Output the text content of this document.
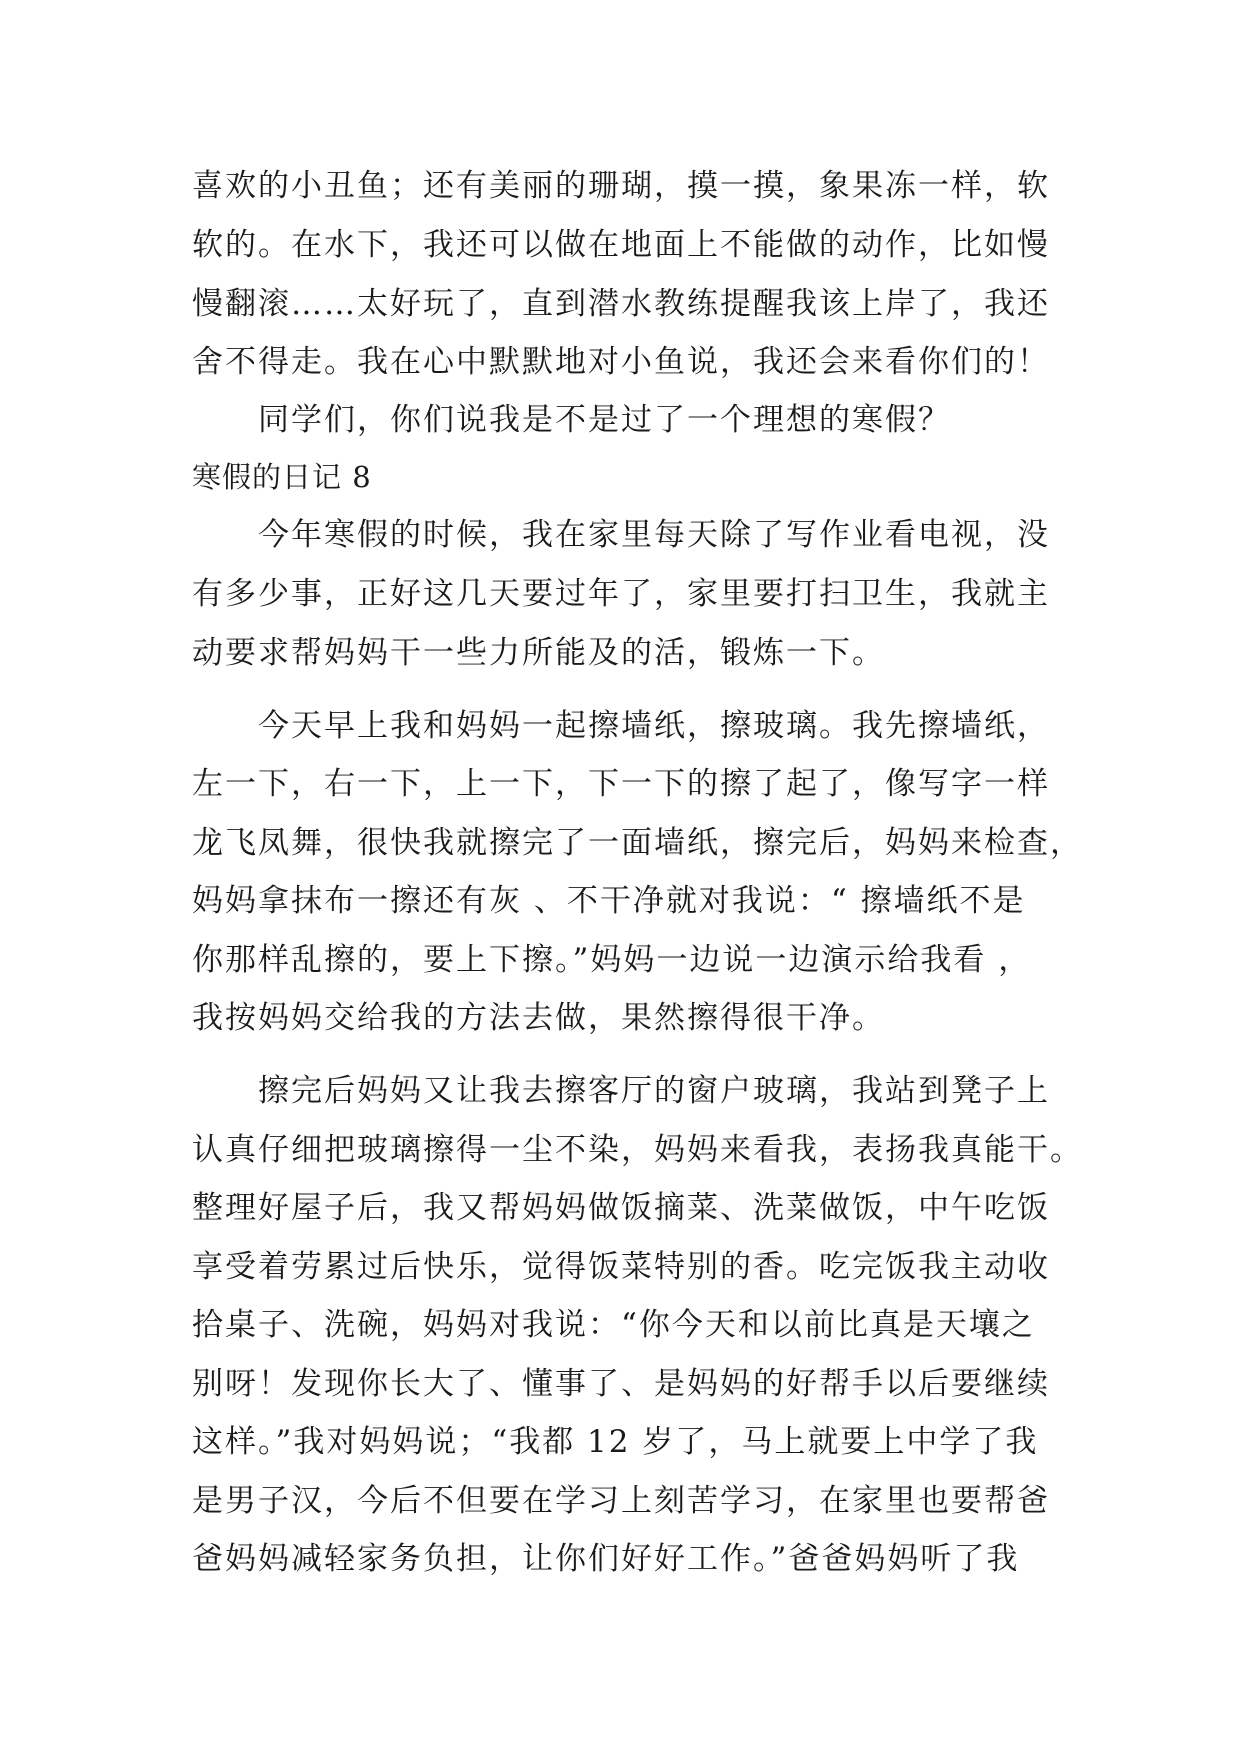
喜欢的小丑鱼；还有美丽的珊瑚，摸一摸，象果冻一样，软
软的。在水下，我还可以做在地面上不能做的动作，比如慢
慢翻滚……太好玩了，直到潜水教练提醒我该上岸了，我还
舍不得走。我在心中默默地对小鱼说，我还会来看你们的！
同学们，你们说我是不是过了一个理想的寒假？
寒假的日记 8
今年寒假的时候，我在家里每天除了写作业看电视，没
有多少事，正好这几天要过年了，家里要打扫卫生，我就主
动要求帮妈妈干一些力所能及的活，锻炼一下。
今天早上我和妈妈一起擦墙纸，擦玻璃。我先擦墙纸，
左一下，右一下，上一下，下一下的擦了起了，像写字一样
龙飞凤舞，很快我就擦完了一面墙纸，擦完后，妈妈来检查，
妈妈拿抹布一擦还有灰 、不干净就对我说：“ 擦墙纸不是
你那样乱擦的，要上下擦。”妈妈一边说一边演示给我看 ，
我按妈妈交给我的方法去做，果然擦得很干净。
擦完后妈妈又让我去擦客厅的窗户玻璃，我站到凳子上
认真仔细把玻璃擦得一尘不染，妈妈来看我，表扬我真能干。
整理好屋子后，我又帮妈妈做饭摘菜、洗菜做饭，中午吃饭
享受着劳累过后快乐，觉得饭菜特别的香。吃完饭我主动收
拾桌子、洗碗，妈妈对我说：“你今天和以前比真是天壤之
别呀！发现你长大了、懂事了、是妈妈的好帮手以后要继续
这样。”我对妈妈说；“我都 12 岁了，马上就要上中学了我
是男子汉，今后不但要在学习上刻苦学习，在家里也要帮爸
爸妈妈减轻家务负担，让你们好好工作。”爸爸妈妈听了我
